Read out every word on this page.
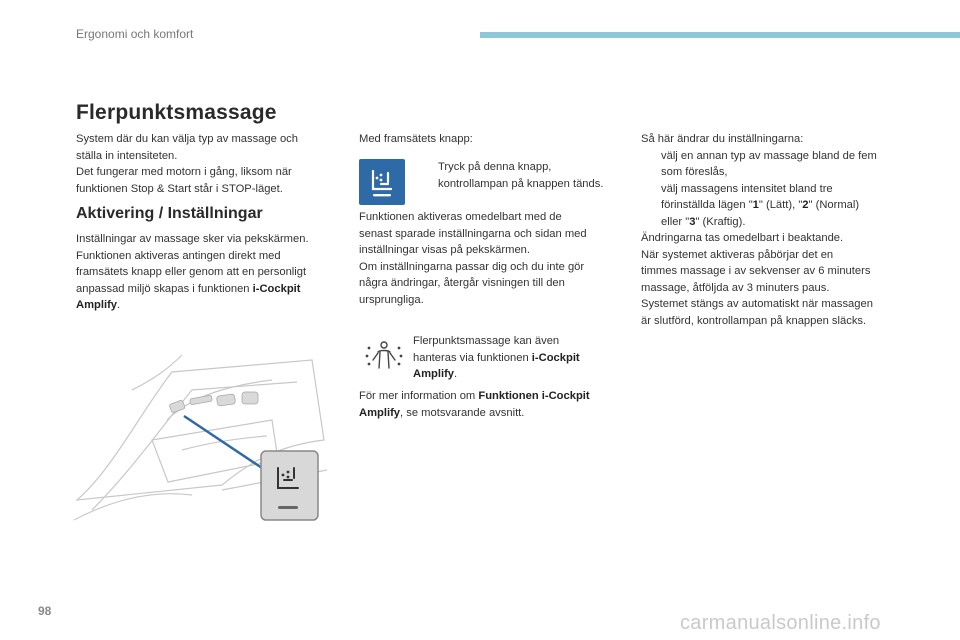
Ergonomi och komfort
Flerpunktsmassage
System där du kan välja typ av massage och
ställa in intensiteten.
Det fungerar med motorn i gång, liksom när
funktionen Stop & Start står i STOP-läget.
Aktivering / Inställningar
Inställningar av massage sker via pekskärmen.
Funktionen aktiveras antingen direkt med
framsätets knapp eller genom att en personligt
anpassad miljö skapas i funktionen i-Cockpit
Amplify.
Med framsätets knapp:
Tryck på denna knapp,
kontrollampan på knappen tänds.
Funktionen aktiveras omedelbart med de
senast sparade inställningarna och sidan med
inställningar visas på pekskärmen.
Om inställningarna passar dig och du inte gör
några ändringar, återgår visningen till den
ursprungliga.
Flerpunktsmassage kan även
hanteras via funktionen i-Cockpit
Amplify.
För mer information om Funktionen i-Cockpit
Amplify, se motsvarande avsnitt.
Så här ändrar du inställningarna:
välj en annan typ av massage bland de fem
som föreslås,
välj massagens intensitet bland tre
förinställda lägen "1" (Lätt), "2" (Normal)
eller "3" (Kraftig).
Ändringarna tas omedelbart i beaktande.
När systemet aktiveras påbörjar det en
timmes massage i av sekvenser av 6 minuters
massage, åtföljda av 3 minuters paus.
Systemet stängs av automatiskt när massagen
är slutförd, kontrollampan på knappen släcks.
98
carmanualsonline.info
